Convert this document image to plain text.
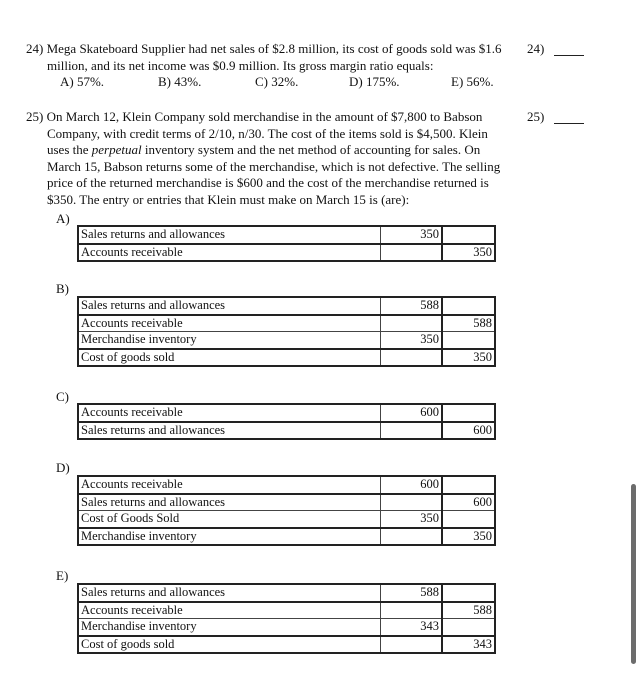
24) Mega Skateboard Supplier had net sales of $2.8 million, its cost of goods sold was $1.6

million, and its net income was $0.9 million. Its gross margin ratio equals:

A) 57%.	B) 43%.	C) 32%.	D) 175%.	E) 56%.

24)

25) On March 12, Klein Company sold merchandise in the amount of $7,800 to Babson

Company, with credit terms of 2/10, n/30. The cost of the items sold is $4,500. Klein

uses the perpetual inventory system and the net method of accounting for sales. On

March 15, Babson returns some of the merchandise, which is not defective. The selling

price of the returned merchandise is $600 and the cost of the merchandise returned is

$350. The entry or entries that Klein must make on March 15 is (are):

25)
A)
Sales returns and allowances	350	
Accounts receivable		350
B)
Sales returns and allowances	588	
Accounts receivable		588
Merchandise inventory	350	
Cost of goods sold		350
C)
Accounts receivable	600	
Sales returns and allowances		600
D)
Accounts receivable	600	
Sales returns and allowances		600
Cost of Goods Sold	350	
Merchandise inventory		350
E)
Sales returns and allowances	588	
Accounts receivable		588
Merchandise inventory	343	
Cost of goods sold		343
